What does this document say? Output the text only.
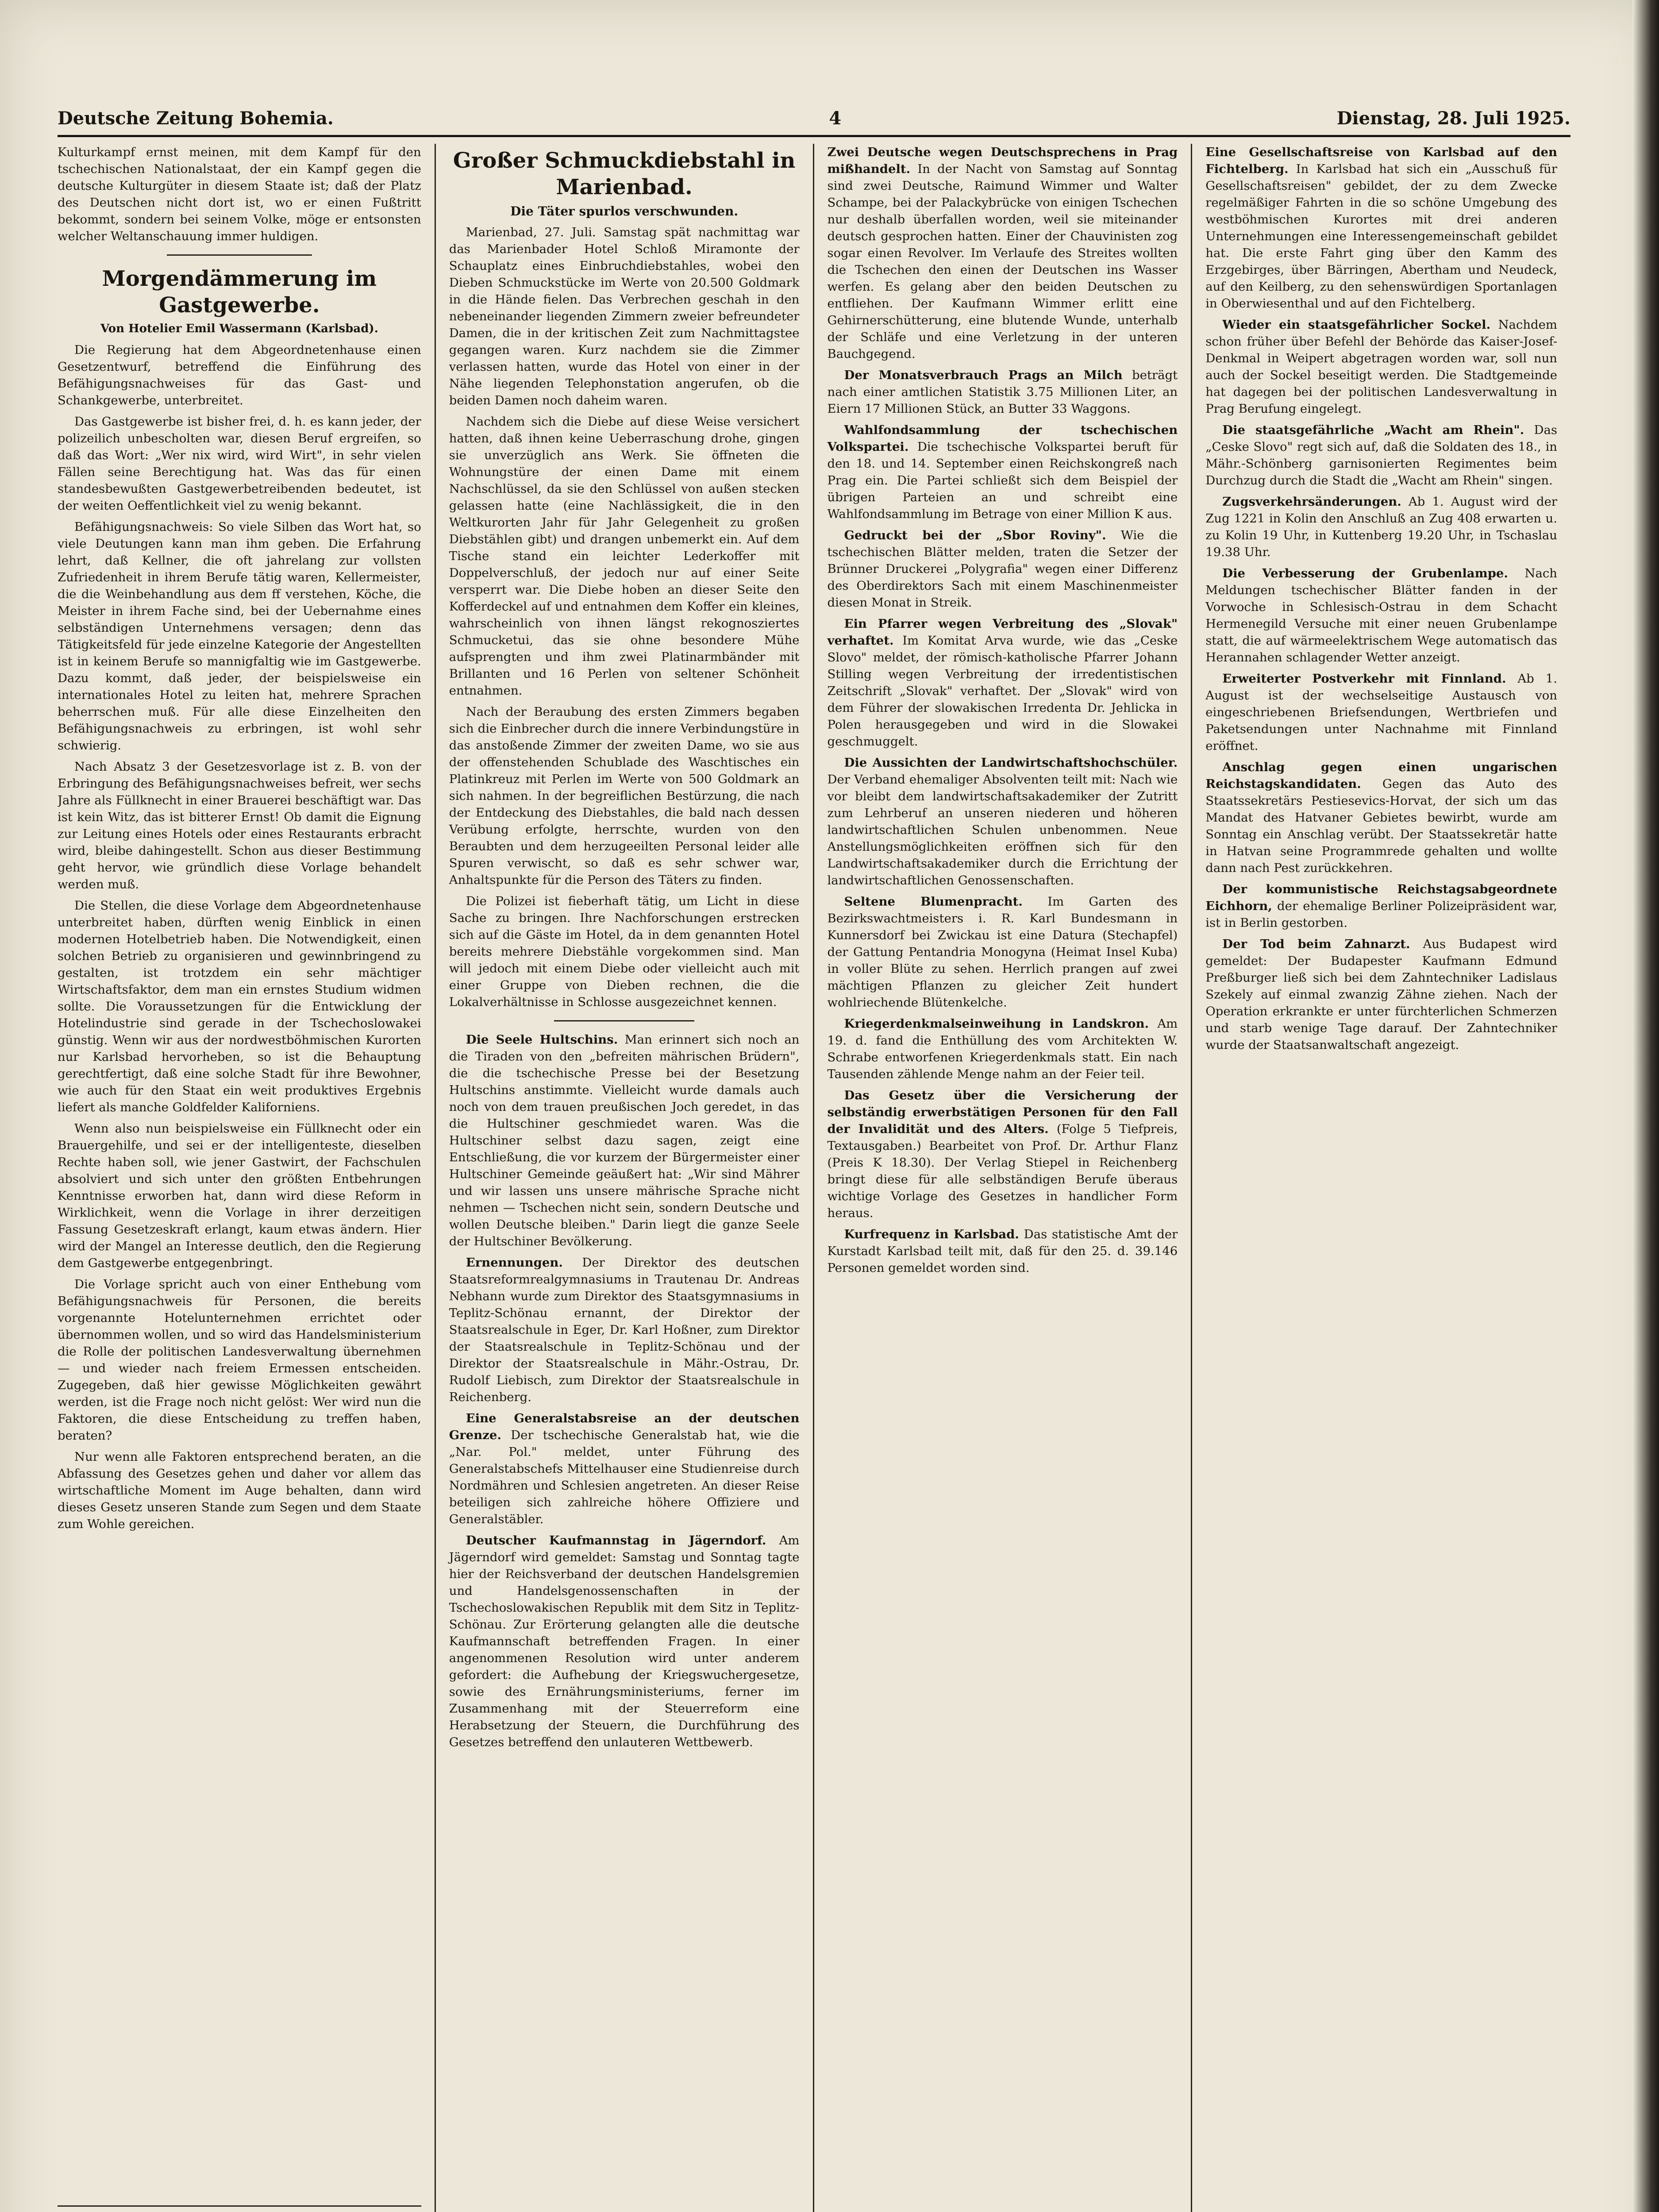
Deutsche Zeitung Bohemia.	4	Dienstag, 28. Juli 1925.

Kulturkampf ernst meinen, mit dem Kampf für den tschechischen Nationalstaat, der ein Kampf gegen die deutsche Kulturgüter in diesem Staate ist; daß der Platz des Deutschen nicht dort ist, wo er einen Fußtritt bekommt, sondern bei seinem Volke, möge er entsonsten welcher Weltanschauung immer huldigen.

Morgendämmerung im Gastgewerbe.
Von Hotelier Emil Wassermann (Karlsbad).

Die Regierung hat dem Abgeordnetenhause einen Gesetzentwurf, betreffend die Einführung des Befähigungsnachweises für das Gast- und Schankgewerbe, unterbreitet.

Das Gastgewerbe ist bisher frei, d. h. es kann jeder, der polizeilich unbescholten war, diesen Beruf ergreifen, so daß das Wort: „Wer nix wird, wird Wirt", in sehr vielen Fällen seine Berechtigung hat. Was das für einen standesbewußten Gastgewerbetreibenden bedeutet, ist der weiten Oeffentlichkeit viel zu wenig bekannt.

Befähigungsnachweis: So viele Silben das Wort hat, so viele Deutungen kann man ihm geben. Die Erfahrung lehrt, daß Kellner, die oft jahrelang zur vollsten Zufriedenheit in ihrem Berufe tätig waren, Kellermeister, die die Weinbehandlung aus dem ff verstehen, Köche, die Meister in ihrem Fache sind, bei der Uebernahme eines selbständigen Unternehmens versagen; denn das Tätigkeitsfeld für jede einzelne Kategorie der Angestellten ist in keinem Berufe so mannigfaltig wie im Gastgewerbe. Dazu kommt, daß jeder, der beispielsweise ein internationales Hotel zu leiten hat, mehrere Sprachen beherrschen muß. Für alle diese Einzelheiten den Befähigungsnachweis zu erbringen, ist wohl sehr schwierig.

Nach Absatz 3 der Gesetzesvorlage ist z. B. von der Erbringung des Befähigungsnachweises befreit, wer sechs Jahre als Füllknecht in einer Brauerei beschäftigt war. Das ist kein Witz, das ist bitterer Ernst! Ob damit die Eignung zur Leitung eines Hotels oder eines Restaurants erbracht wird, bleibe dahingestellt. Schon aus dieser Bestimmung geht hervor, wie gründlich diese Vorlage behandelt werden muß.

Die Stellen, die diese Vorlage dem Abgeordnetenhause unterbreitet haben, dürften wenig Einblick in einen modernen Hotelbetrieb haben. Die Notwendigkeit, einen solchen Betrieb zu organisieren und gewinnbringend zu gestalten, ist trotzdem ein sehr mächtiger Wirtschaftsfaktor, dem man ein ernstes Studium widmen sollte. Die Voraussetzungen für die Entwicklung der Hotelindustrie sind gerade in der Tschechoslowakei günstig. Wenn wir aus der nordwestböhmischen Kurorten nur Karlsbad hervorheben, so ist die Behauptung gerechtfertigt, daß eine solche Stadt für ihre Bewohner, wie auch für den Staat ein weit produktives Ergebnis liefert als manche Goldfelder Kaliforniens.

Wenn also nun beispielsweise ein Füllknecht oder ein Brauergehilfe, und sei er der intelligenteste, dieselben Rechte haben soll, wie jener Gastwirt, der Fachschulen absolviert und sich unter den größten Entbehrungen Kenntnisse erworben hat, dann wird diese Reform in Wirklichkeit, wenn die Vorlage in ihrer derzeitigen Fassung Gesetzeskraft erlangt, kaum etwas ändern. Hier wird der Mangel an Interesse deutlich, den die Regierung dem Gastgewerbe entgegenbringt.

Die Vorlage spricht auch von einer Enthebung vom Befähigungsnachweis für Personen, die bereits vorgenannte Hotelunternehmen errichtet oder übernommen wollen, und so wird das Handelsministerium die Rolle der politischen Landesverwaltung übernehmen — und wieder nach freiem Ermessen entscheiden. Zugegeben, daß hier gewisse Möglichkeiten gewährt werden, ist die Frage noch nicht gelöst: Wer wird nun die Faktoren, die diese Entscheidung zu treffen haben, beraten?

Nur wenn alle Faktoren entsprechend beraten, an die Abfassung des Gesetzes gehen und daher vor allem das wirtschaftliche Moment im Auge behalten, dann wird dieses Gesetz unseren Stande zum Segen und dem Staate zum Wohle gereichen.

Großer Schmuckdiebstahl in Marienbad.
Die Täter spurlos verschwunden.

Marienbad, 27. Juli. Samstag spät nachmittag war das Marienbader Hotel Schloß Miramonte der Schauplatz eines Einbruchdiebstahles, wobei den Dieben Schmuckstücke im Werte von 20.500 Goldmark in die Hände fielen. Das Verbrechen geschah in den nebeneinander liegenden Zimmern zweier befreundeter Damen, die in der kritischen Zeit zum Nachmittagstee gegangen waren. Kurz nachdem sie die Zimmer verlassen hatten, wurde das Hotel von einer in der Nähe liegenden Telephonstation angerufen, ob die beiden Damen noch daheim waren.

Nachdem sich die Diebe auf diese Weise versichert hatten, daß ihnen keine Ueberraschung drohe, gingen sie unverzüglich ans Werk. Sie öffneten die Wohnungstüre der einen Dame mit einem Nachschlüssel, da sie den Schlüssel von außen stecken gelassen hatte (eine Nachlässigkeit, die in den Weltkurorten Jahr für Jahr Gelegenheit zu großen Diebstählen gibt) und drangen unbemerkt ein. Auf dem Tische stand ein leichter Lederkoffer mit Doppelverschluß, der jedoch nur auf einer Seite versperrt war. Die Diebe hoben an dieser Seite den Kofferdeckel auf und entnahmen dem Koffer ein kleines, wahrscheinlich von ihnen längst rekognosziertes Schmucketui, das sie ohne besondere Mühe aufsprengten und ihm zwei Platinarmbänder mit Brillanten und 16 Perlen von seltener Schönheit entnahmen.

Nach der Beraubung des ersten Zimmers begaben sich die Einbrecher durch die innere Verbindungstüre in das anstoßende Zimmer der zweiten Dame, wo sie aus der offenstehenden Schublade des Waschtisches ein Platinkreuz mit Perlen im Werte von 500 Goldmark an sich nahmen. In der begreiflichen Bestürzung, die nach der Entdeckung des Diebstahles, die bald nach dessen Verübung erfolgte, herrschte, wurden von den Beraubten und dem herzugeeilten Personal leider alle Spuren verwischt, so daß es sehr schwer war, Anhaltspunkte für die Person des Täters zu finden.

Die Polizei ist fieberhaft tätig, um Licht in diese Sache zu bringen. Ihre Nachforschungen erstrecken sich auf die Gäste im Hotel, da in dem genannten Hotel bereits mehrere Diebstähle vorgekommen sind. Man will jedoch mit einem Diebe oder vielleicht auch mit einer Gruppe von Dieben rechnen, die die Lokalverhältnisse in Schlosse ausgezeichnet kennen.

Die Seele Hultschins. Man erinnert sich noch an die Tiraden von den „befreiten mährischen Brüdern", die die tschechische Presse bei der Besetzung Hultschins anstimmte. Vielleicht wurde damals auch noch von dem trauen preußischen Joch geredet, in das die Hultschiner geschmiedet waren. Was die Hultschiner selbst dazu sagen, zeigt eine Entschließung, die vor kurzem der Bürgermeister einer Hultschiner Gemeinde geäußert hat: „Wir sind Mährer und wir lassen uns unsere mährische Sprache nicht nehmen — Tschechen nicht sein, sondern Deutsche und wollen Deutsche bleiben." Darin liegt die ganze Seele der Hultschiner Bevölkerung.

Ernennungen. Der Direktor des deutschen Staatsreformrealgymnasiums in Trautenau Dr. Andreas Nebhann wurde zum Direktor des Staatsgymnasiums in Teplitz-Schönau ernannt, der Direktor der Staatsrealschule in Eger, Dr. Karl Hoßner, zum Direktor der Staatsrealschule in Teplitz-Schönau und der Direktor der Staatsrealschule in Mähr.-Ostrau, Dr. Rudolf Liebisch, zum Direktor der Staatsrealschule in Reichenberg.

Eine Generalstabsreise an der deutschen Grenze. Der tschechische Generalstab hat, wie die „Nar. Pol." meldet, unter Führung des Generalstabschefs Mittelhauser eine Studienreise durch Nordmähren und Schlesien angetreten. An dieser Reise beteiligen sich zahlreiche höhere Offiziere und Generalstäbler.

Deutscher Kaufmannstag in Jägerndorf. Am Jägerndorf wird gemeldet: Samstag und Sonntag tagte hier der Reichsverband der deutschen Handelsgremien und Handelsgenossenschaften in der Tschechoslowakischen Republik mit dem Sitz in Teplitz-Schönau. Zur Erörterung gelangten alle die deutsche Kaufmannschaft betreffenden Fragen. In einer angenommenen Resolution wird unter anderem gefordert: die Aufhebung der Kriegswuchergesetze, sowie des Ernährungsministeriums, ferner im Zusammenhang mit der Steuerreform eine Herabsetzung der Steuern, die Durchführung des Gesetzes betreffend den unlauteren Wettbewerb.

Zwei Deutsche wegen Deutschsprechens in Prag mißhandelt. In der Nacht von Samstag auf Sonntag sind zwei Deutsche, Raimund Wimmer und Walter Schampe, bei der Palackybrücke von einigen Tschechen nur deshalb überfallen worden, weil sie miteinander deutsch gesprochen hatten. Einer der Chauvinisten zog sogar einen Revolver. Im Verlaufe des Streites wollten die Tschechen den einen der Deutschen ins Wasser werfen. Es gelang aber den beiden Deutschen zu entfliehen. Der Kaufmann Wimmer erlitt eine Gehirnerschütterung, eine blutende Wunde, unterhalb der Schläfe und eine Verletzung in der unteren Bauchgegend.

Der Monatsverbrauch Prags an Milch beträgt nach einer amtlichen Statistik 3.75 Millionen Liter, an Eiern 17 Millionen Stück, an Butter 33 Waggons.

Wahlfondsammlung der tschechischen Volkspartei. Die tschechische Volkspartei beruft für den 18. und 14. September einen Reichskongreß nach Prag ein. Die Partei schließt sich dem Beispiel der übrigen Parteien an und schreibt eine Wahlfondsammlung im Betrage von einer Million K aus.

Gedruckt bei der „Sbor Roviny". Wie die tschechischen Blätter melden, traten die Setzer der Brünner Druckerei „Polygrafia" wegen einer Differenz des Oberdirektors Sach mit einem Maschinenmeister diesen Monat in Streik.

Ein Pfarrer wegen Verbreitung des „Slovak" verhaftet. Im Komitat Arva wurde, wie das „Ceske Slovo" meldet, der römisch-katholische Pfarrer Johann Stilling wegen Verbreitung der irredentistischen Zeitschrift „Slovak" verhaftet. Der „Slovak" wird von dem Führer der slowakischen Irredenta Dr. Jehlicka in Polen herausgegeben und wird in die Slowakei geschmuggelt.

Die Aussichten der Landwirtschaftshochschüler. Der Verband ehemaliger Absolventen teilt mit: Nach wie vor bleibt dem landwirtschaftsakademiker der Zutritt zum Lehrberuf an unseren niederen und höheren landwirtschaftlichen Schulen unbenommen. Neue Anstellungsmöglichkeiten eröffnen sich für den Landwirtschaftsakademiker durch die Errichtung der landwirtschaftlichen Genossenschaften.

Seltene Blumenpracht. Im Garten des Bezirkswachtmeisters i. R. Karl Bundesmann in Kunnersdorf bei Zwickau ist eine Datura (Stechapfel) der Gattung Pentandria Monogyna (Heimat Insel Kuba) in voller Blüte zu sehen. Herrlich prangen auf zwei mächtigen Pflanzen zu gleicher Zeit hundert wohlriechende Blütenkelche.

Kriegerdenkmalseinweihung in Landskron. Am 19. d. fand die Enthüllung des vom Architekten W. Schrabe entworfenen Kriegerdenkmals statt. Ein nach Tausenden zählende Menge nahm an der Feier teil.

Das Gesetz über die Versicherung der selbständig erwerbstätigen Personen für den Fall der Invalidität und des Alters. (Folge 5 Tiefpreis, Textausgaben.) Bearbeitet von Prof. Dr. Arthur Flanz (Preis K 18.30). Der Verlag Stiepel in Reichenberg bringt diese für alle selbständigen Berufe überaus wichtige Vorlage des Gesetzes in handlicher Form heraus.

Kurfrequenz in Karlsbad. Das statistische Amt der Kurstadt Karlsbad teilt mit, daß für den 25. d. 39.146 Personen gemeldet worden sind.

Eine Gesellschaftsreise von Karlsbad auf den Fichtelberg. In Karlsbad hat sich ein „Ausschuß für Gesellschaftsreisen" gebildet, der zu dem Zwecke regelmäßiger Fahrten in die so schöne Umgebung des westböhmischen Kurortes mit drei anderen Unternehmungen eine Interessengemeinschaft gebildet hat. Die erste Fahrt ging über den Kamm des Erzgebirges, über Bärringen, Abertham und Neudeck, auf den Keilberg, zu den sehenswürdigen Sportanlagen in Oberwiesenthal und auf den Fichtelberg.

Wieder ein staatsgefährlicher Sockel. Nachdem schon früher über Befehl der Behörde das Kaiser-Josef-Denkmal in Weipert abgetragen worden war, soll nun auch der Sockel beseitigt werden. Die Stadtgemeinde hat dagegen bei der politischen Landesverwaltung in Prag Berufung eingelegt.

Die staatsgefährliche „Wacht am Rhein". Das „Ceske Slovo" regt sich auf, daß die Soldaten des 18., in Mähr.-Schönberg garnisonierten Regimentes beim Durchzug durch die Stadt die „Wacht am Rhein" singen.

Zugsverkehrsänderungen. Ab 1. August wird der Zug 1221 in Kolin den Anschluß an Zug 408 erwarten u. zu Kolin 19 Uhr, in Kuttenberg 19.20 Uhr, in Tschaslau 19.38 Uhr.

Die Verbesserung der Grubenlampe. Nach Meldungen tschechischer Blätter fanden in der Vorwoche in Schlesisch-Ostrau in dem Schacht Hermenegild Versuche mit einer neuen Grubenlampe statt, die auf wärmeelektrischem Wege automatisch das Herannahen schlagender Wetter anzeigt.

Erweiterter Postverkehr mit Finnland. Ab 1. August ist der wechselseitige Austausch von eingeschriebenen Briefsendungen, Wertbriefen und Paketsendungen unter Nachnahme mit Finnland eröffnet.

Anschlag gegen einen ungarischen Reichstagskandidaten. Gegen das Auto des Staatssekretärs Pestiesevics-Horvat, der sich um das Mandat des Hatvaner Gebietes bewirbt, wurde am Sonntag ein Anschlag verübt. Der Staatssekretär hatte in Hatvan seine Programmrede gehalten und wollte dann nach Pest zurückkehren.

Der kommunistische Reichstagsabgeordnete Eichhorn, der ehemalige Berliner Polizeipräsident war, ist in Berlin gestorben.

Der Tod beim Zahnarzt. Aus Budapest wird gemeldet: Der Budapester Kaufmann Edmund Preßburger ließ sich bei dem Zahntechniker Ladislaus Szekely auf einmal zwanzig Zähne ziehen. Nach der Operation erkrankte er unter fürchterlichen Schmerzen und starb wenige Tage darauf. Der Zahntechniker wurde der Staatsanwaltschaft angezeigt.
